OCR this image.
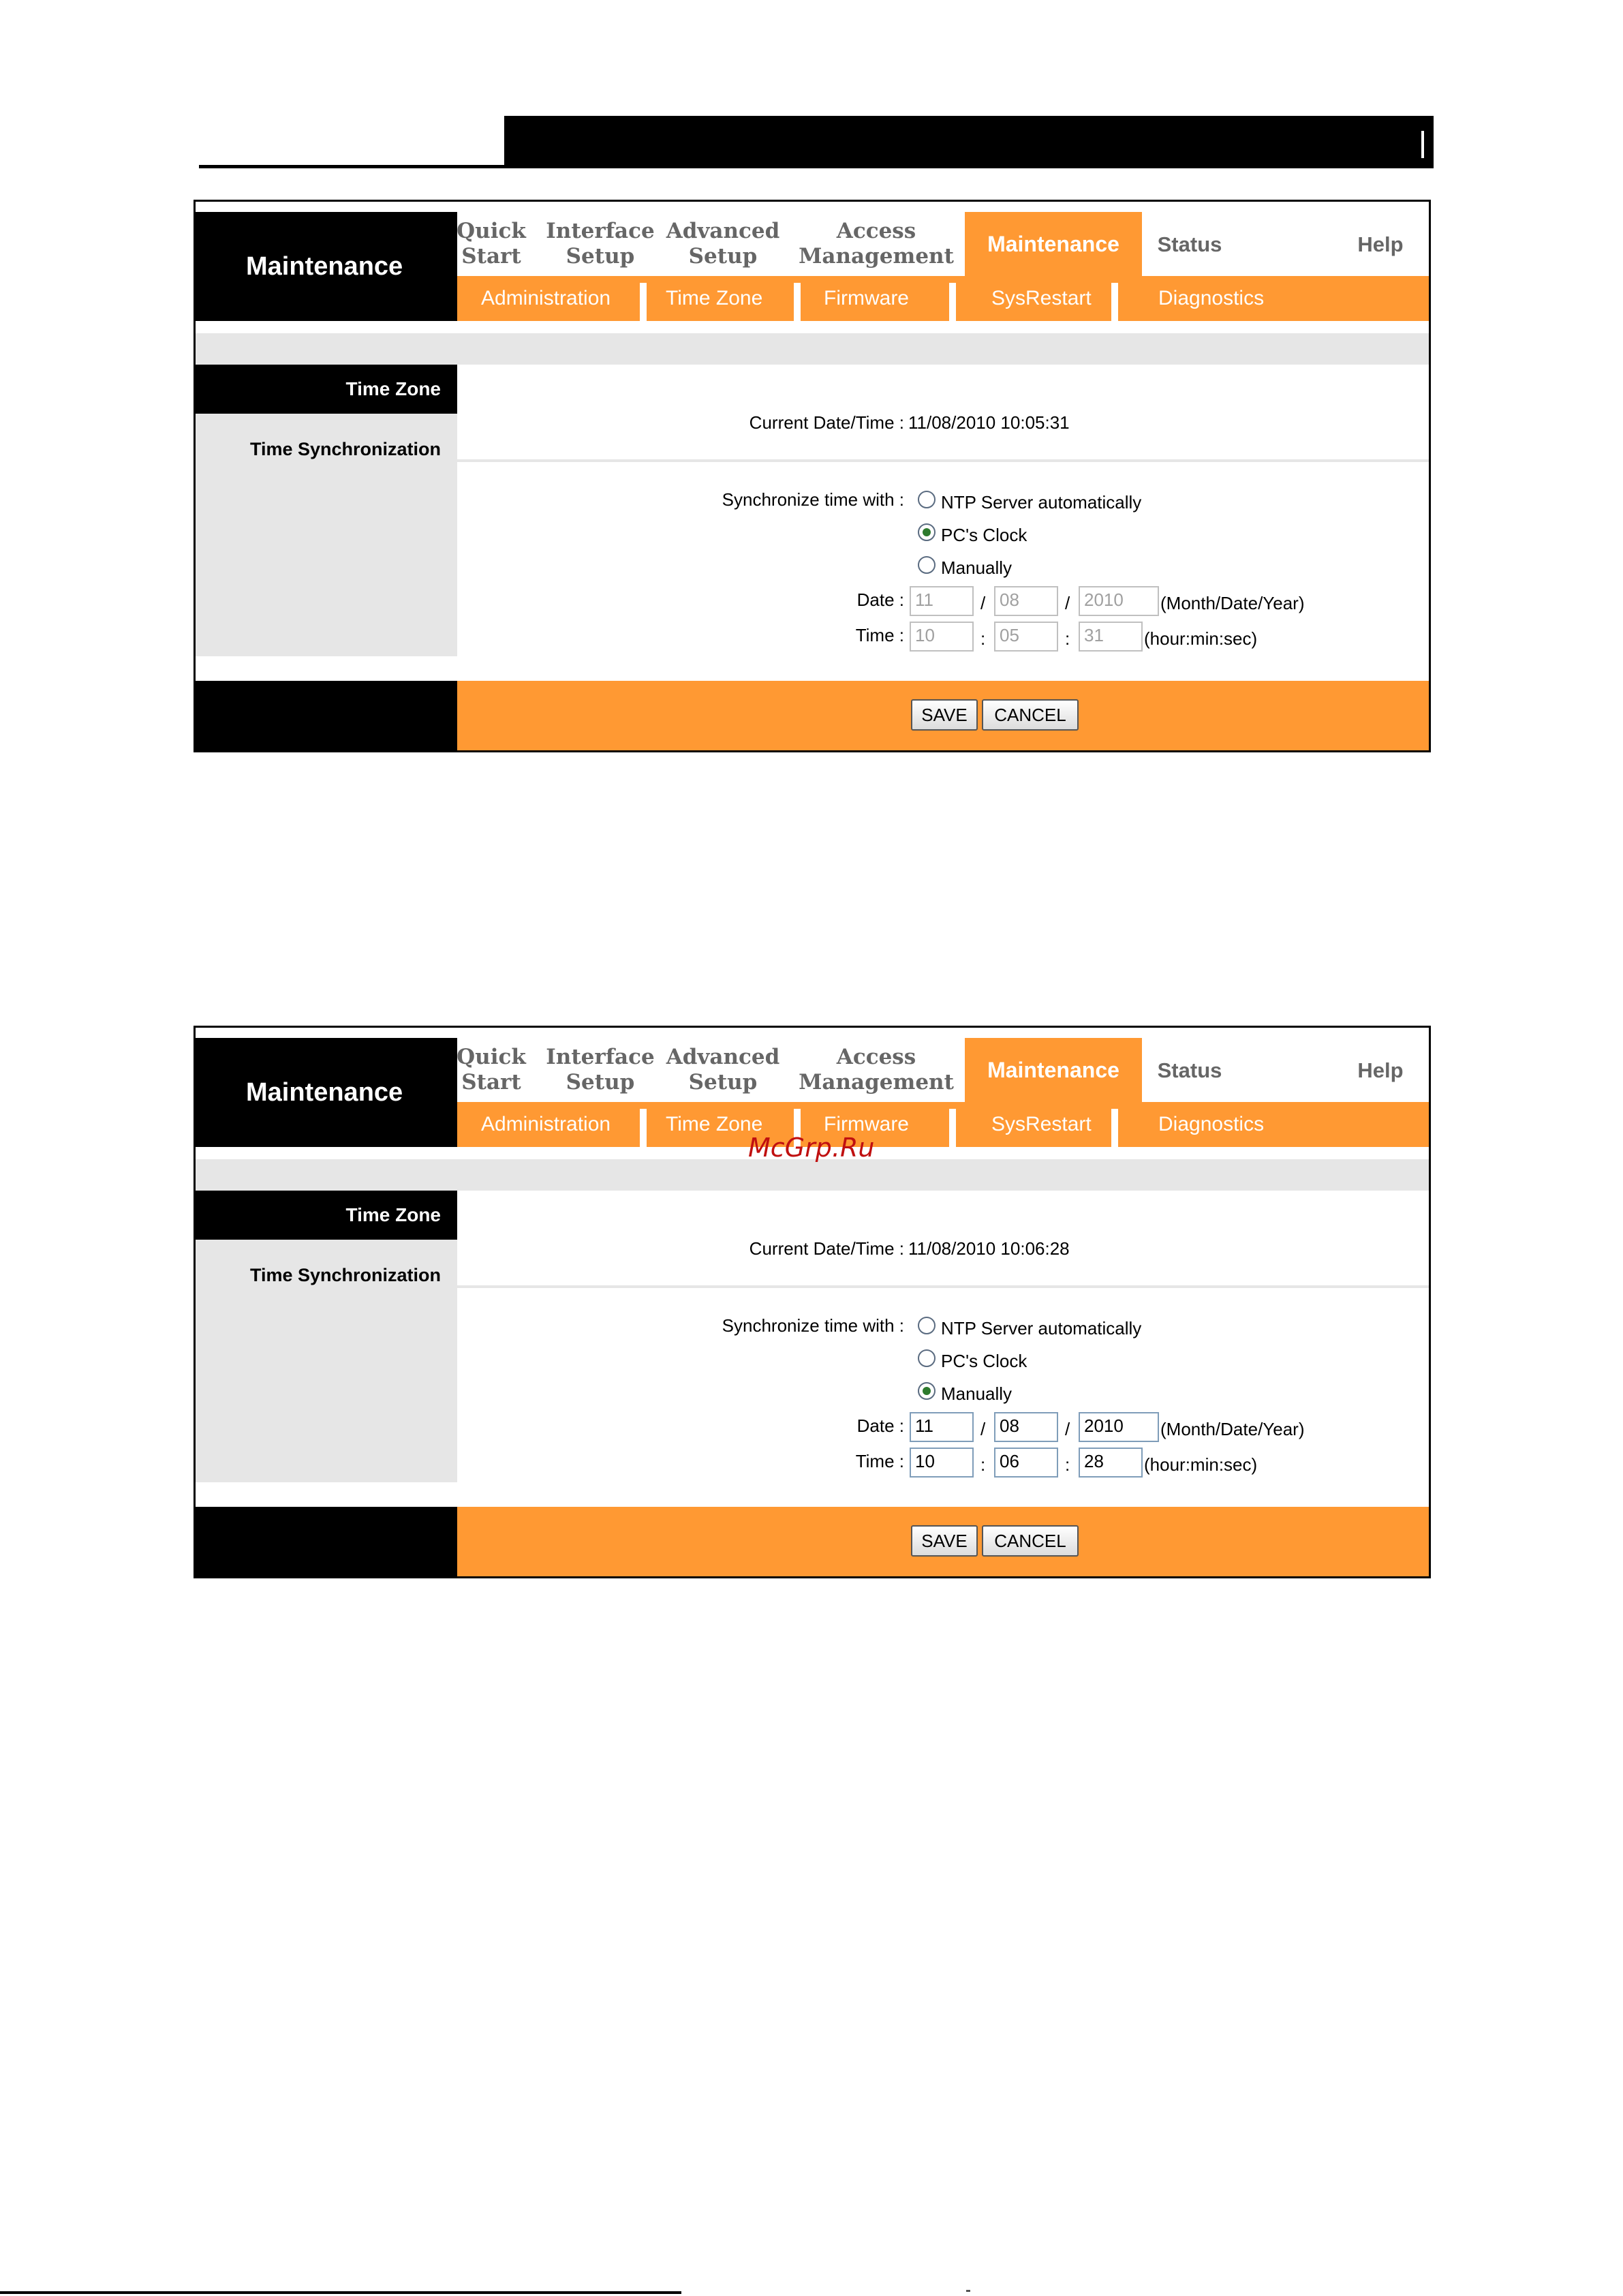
Maintenance
Quick
Start
Interface
Setup
Advanced
Setup
Access
Management
Maintenance	Status	Help
Administration	Time Zone	Firmware	SysRestart	Diagnostics
Time Zone
Time Synchronization
Current Date/Time : 11/08/2010 10:05:31
Synchronize time with : NTP Server automatically
PC's Clock
Manually
Date : 11	/ 08	/ 2010	(Month/Date/Year)
Time : 10	: 05	: 31	(hour:min:sec)
SAVE	CANCEL
Maintenance
Quick
Start
Interface
Setup
Advanced
Setup
Access
Management
Maintenance	Status	Help
Administration	Time Zone	Firmware	SysRestart	Diagnostics
Time Zone
Time Synchronization
Current Date/Time : 11/08/2010 10:06:28
Synchronize time with : NTP Server automatically
PC's Clock
Manually
Date : 11	/ 08	/ 2010	(Month/Date/Year)
Time : 10	: 06	: 28	(hour:min:sec)
SAVE	CANCEL
McGrp.Ru
